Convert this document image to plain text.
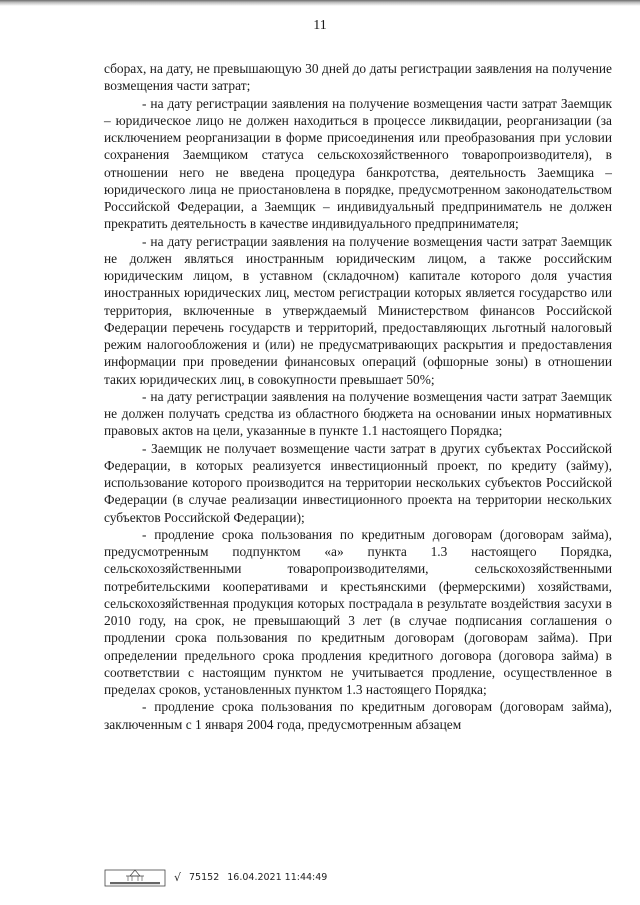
11

сборах, на дату, не превышающую 30 дней до даты регистрации заявления на получение возмещения части затрат;

- на дату регистрации заявления на получение возмещения части затрат Заемщик – юридическое лицо не должен находиться в процессе ликвидации, реорганизации (за исключением реорганизации в форме присоединения или преобразования при условии сохранения Заемщиком статуса сельскохозяйственного товаропроизводителя), в отношении него не введена процедура банкротства, деятельность Заемщика – юридического лица не приостановлена в порядке, предусмотренном законодательством Российской Федерации, а Заемщик – индивидуальный предприниматель не должен прекратить деятельность в качестве индивидуального предпринимателя;

- на дату регистрации заявления на получение возмещения части затрат Заемщик не должен являться иностранным юридическим лицом, а также российским юридическим лицом, в уставном (складочном) капитале которого доля участия иностранных юридических лиц, местом регистрации которых является государство или территория, включенные в утверждаемый Министерством финансов Российской Федерации перечень государств и территорий, предоставляющих льготный налоговый режим налогообложения и (или) не предусматривающих раскрытия и предоставления информации при проведении финансовых операций (офшорные зоны) в отношении таких юридических лиц, в совокупности превышает 50%;

- на дату регистрации заявления на получение возмещения части затрат Заемщик не должен получать средства из областного бюджета на основании иных нормативных правовых актов на цели, указанные в пункте 1.1 настоящего Порядка;

- Заемщик не получает возмещение части затрат в других субъектах Российской Федерации, в которых реализуется инвестиционный проект, по кредиту (займу), использование которого производится на территории нескольких субъектов Российской Федерации (в случае реализации инвестиционного проекта на территории нескольких субъектов Российской Федерации);

- продление срока пользования по кредитным договорам (договорам займа), предусмотренным подпунктом «а» пункта 1.3 настоящего Порядка, сельскохозяйственными товаропроизводителями, сельскохозяйственными потребительскими кооперативами и крестьянскими (фермерскими) хозяйствами, сельскохозяйственная продукция которых пострадала в результате воздействия засухи в 2010 году, на срок, не превышающий 3 лет (в случае подписания соглашения о продлении срока пользования по кредитным договорам (договорам займа). При определении предельного срока продления кредитного договора (договора займа) в соответствии с настоящим пунктом не учитывается продление, осуществленное в пределах сроков, установленных пунктом 1.3 настоящего Порядка;

- продление срока пользования по кредитным договорам (договорам займа), заключенным с 1 января 2004 года, предусмотренным абзацем

√ 75152 16.04.2021 11:44:49
